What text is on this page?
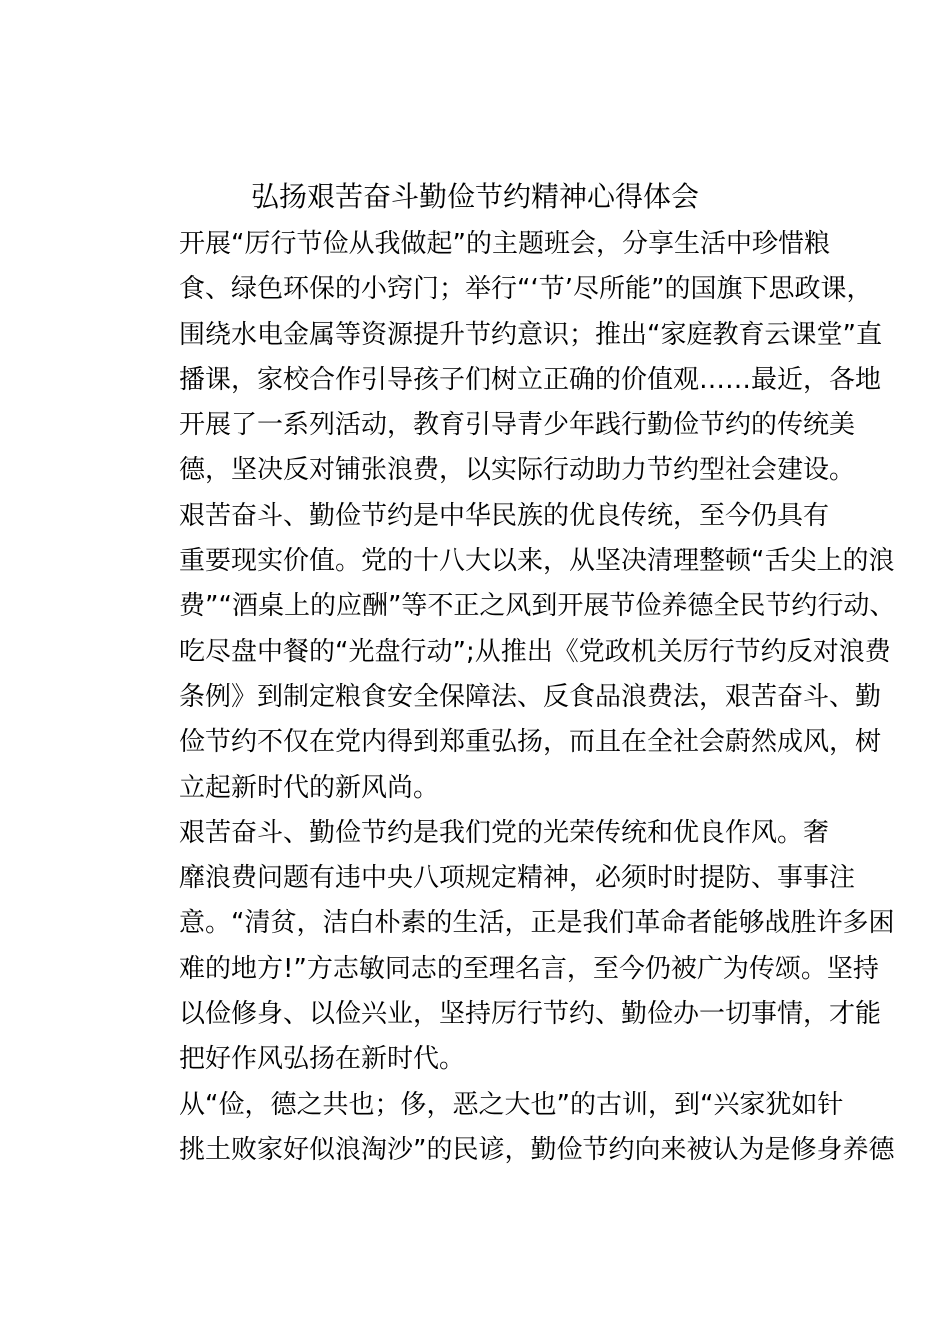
弘扬艰苦奋斗勤俭节约精神心得体会

开展“厉行节俭从我做起”的主题班会，分享生活中珍惜粮
食、绿色环保的小窍门；举行“‘节’尽所能”的国旗下思政课，
围绕水电金属等资源提升节约意识；推出“家庭教育云课堂”直
播课，家校合作引导孩子们树立正确的价值观……最近，各地
开展了一系列活动，教育引导青少年践行勤俭节约的传统美
德，坚决反对铺张浪费，以实际行动助力节约型社会建设。

艰苦奋斗、勤俭节约是中华民族的优良传统，至今仍具有
重要现实价值。党的十八大以来，从坚决清理整顿“舌尖上的浪
费”“酒桌上的应酬”等不正之风到开展节俭养德全民节约行动、
吃尽盘中餐的“光盘行动”;从推出《党政机关厉行节约反对浪费
条例》到制定粮食安全保障法、反食品浪费法，艰苦奋斗、勤
俭节约不仅在党内得到郑重弘扬，而且在全社会蔚然成风，树
立起新时代的新风尚。

艰苦奋斗、勤俭节约是我们党的光荣传统和优良作风。奢
靡浪费问题有违中央八项规定精神，必须时时提防、事事注
意。“清贫，洁白朴素的生活，正是我们革命者能够战胜许多困
难的地方!”方志敏同志的至理名言，至今仍被广为传颂。坚持
以俭修身、以俭兴业，坚持厉行节约、勤俭办一切事情，才能
把好作风弘扬在新时代。

从“俭，德之共也；侈，恶之大也”的古训，到“兴家犹如针
挑土败家好似浪淘沙”的民谚，勤俭节约向来被认为是修身养德
